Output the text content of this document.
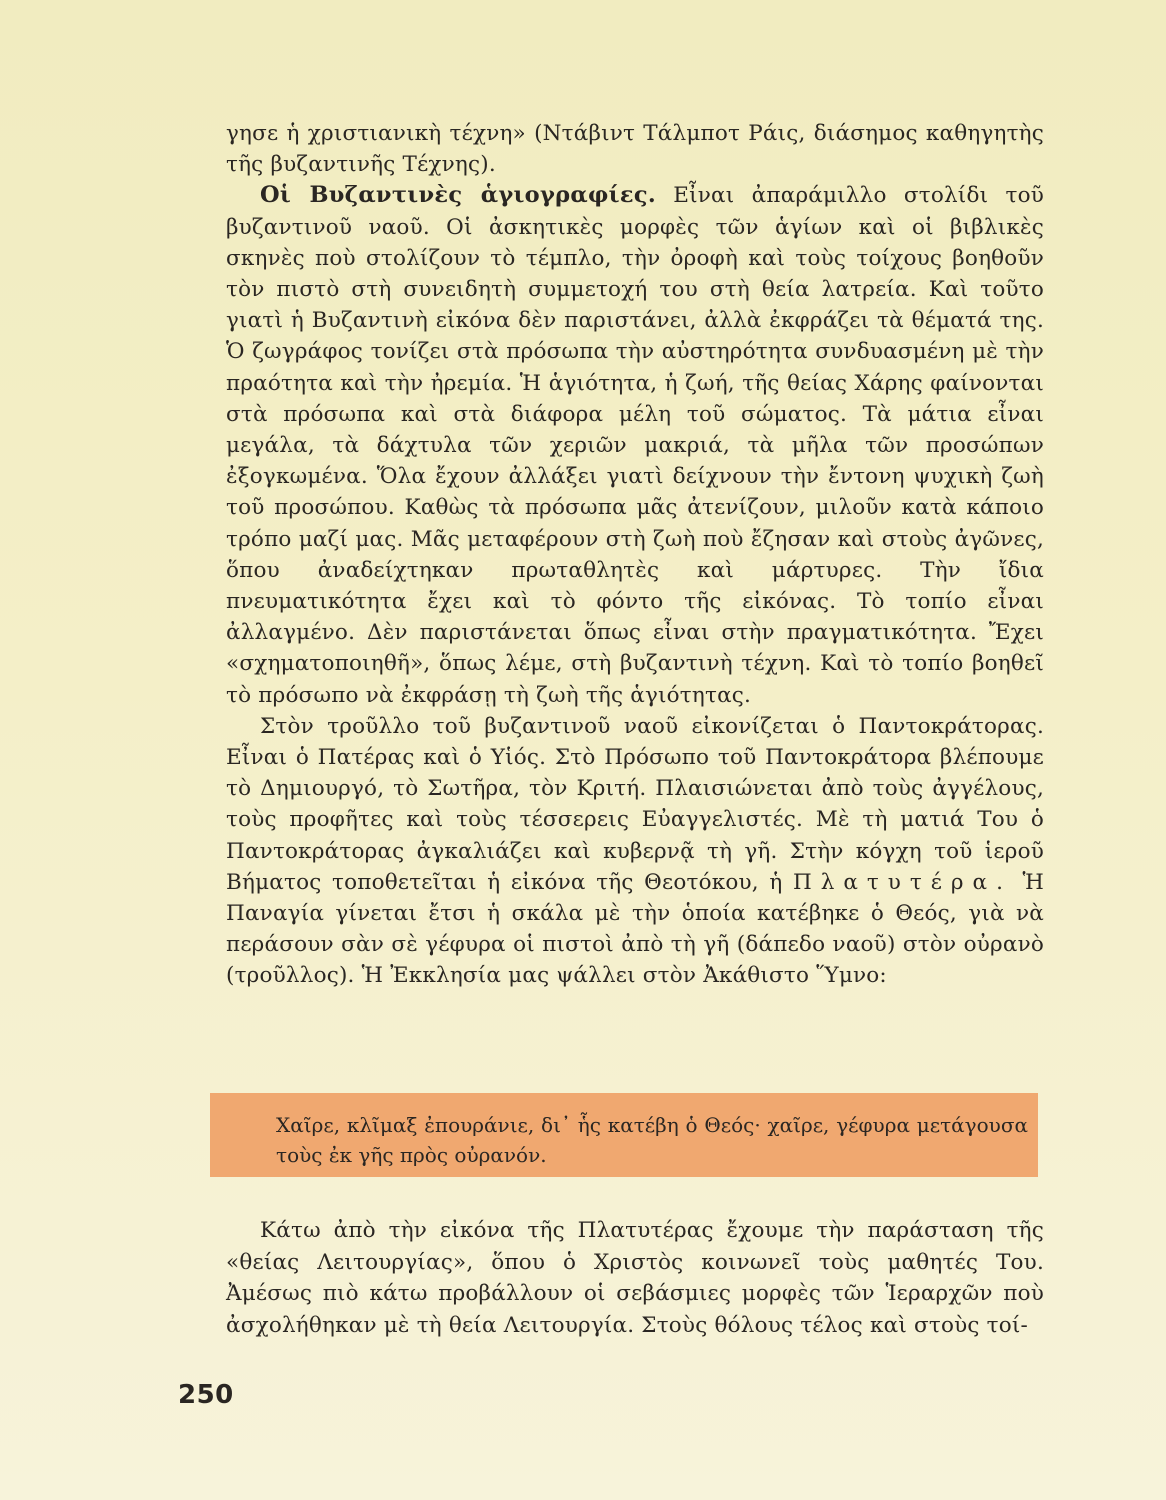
γησε ἡ χριστιανικὴ τέχνη» (Ντάβιντ Τάλμποτ Ράις, διάσημος καθηγητὴς τῆς βυζαντινῆς Τέχνης).

Οἱ Βυζαντινὲς ἁγιογραφίες. Εἶναι ἀπαράμιλλο στολίδι τοῦ βυζαντινοῦ ναοῦ. Οἱ ἀσκητικὲς μορφὲς τῶν ἁγίων καὶ οἱ βιβλικὲς σκηνὲς ποὺ στολίζουν τὸ τέμπλο, τὴν ὀροφὴ καὶ τοὺς τοίχους βοηθοῦν τὸν πιστὸ στὴ συνειδητὴ συμμετοχή του στὴ θεία λατρεία. Καὶ τοῦτο γιατὶ ἡ Βυζαντινὴ εἰκόνα δὲν παριστάνει, ἀλλὰ ἐκφράζει τὰ θέματά της. Ὁ ζωγράφος τονίζει στὰ πρόσωπα τὴν αὐστηρότητα συνδυασμένη μὲ τὴν πραότητα καὶ τὴν ἠρεμία. Ἡ ἁγιότητα, ἡ ζωή, τῆς θείας Χάρης φαίνονται στὰ πρόσωπα καὶ στὰ διάφορα μέλη τοῦ σώματος. Τὰ μάτια εἶναι μεγάλα, τὰ δάχτυλα τῶν χεριῶν μακριά, τὰ μῆλα τῶν προσώπων ἐξογκωμένα. Ὅλα ἔχουν ἀλλάξει γιατὶ δείχνουν τὴν ἔντονη ψυχικὴ ζωὴ τοῦ προσώπου. Καθὼς τὰ πρόσωπα μᾶς ἀτενίζουν, μιλοῦν κατὰ κάποιο τρόπο μαζί μας. Μᾶς μεταφέρουν στὴ ζωὴ ποὺ ἔζησαν καὶ στοὺς ἀγῶνες, ὅπου ἀναδείχτηκαν πρωταθλητὲς καὶ μάρτυρες. Τὴν ἴδια πνευματικότητα ἔχει καὶ τὸ φόντο τῆς εἰκόνας. Τὸ τοπίο εἶναι ἀλλαγμένο. Δὲν παριστάνεται ὅπως εἶναι στὴν πραγματικότητα. Ἔχει «σχηματοποιηθῆ», ὅπως λέμε, στὴ βυζαντινὴ τέχνη. Καὶ τὸ τοπίο βοηθεῖ τὸ πρόσωπο νὰ ἐκφράσῃ τὴ ζωὴ τῆς ἁγιότητας.

Στὸν τροῦλλο τοῦ βυζαντινοῦ ναοῦ εἰκονίζεται ὁ Παντοκράτορας. Εἶναι ὁ Πατέρας καὶ ὁ Υἱός. Στὸ Πρόσωπο τοῦ Παντοκράτορα βλέπουμε τὸ Δημιουργό, τὸ Σωτῆρα, τὸν Κριτή. Πλαισιώνεται ἀπὸ τοὺς ἀγγέλους, τοὺς προφῆτες καὶ τοὺς τέσσερεις Εὐαγγελιστές. Μὲ τὴ ματιά Του ὁ Παντοκράτορας ἀγκαλιάζει καὶ κυβερνᾷ τὴ γῆ. Στὴν κόγχη τοῦ ἱεροῦ Βήματος τοποθετεῖται ἡ εἰκόνα τῆς Θεοτόκου, ἡ Πλατυτέρα. Ἡ Παναγία γίνεται ἔτσι ἡ σκάλα μὲ τὴν ὁποία κατέβηκε ὁ Θεός, γιὰ νὰ περάσουν σὰν σὲ γέφυρα οἱ πιστοὶ ἀπὸ τὴ γῆ (δάπεδο ναοῦ) στὸν οὐρανὸ (τροῦλλος). Ἡ Ἐκκλησία μας ψάλλει στὸν Ἀκάθιστο Ὕμνο:

Χαῖρε, κλῖμαξ ἐπουράνιε, δι᾽ ἧς κατέβη ὁ Θεός· χαῖρε, γέφυρα μετάγουσα τοὺς ἐκ γῆς πρὸς οὐρανόν.

Κάτω ἀπὸ τὴν εἰκόνα τῆς Πλατυτέρας ἔχουμε τὴν παράσταση τῆς «θείας Λειτουργίας», ὅπου ὁ Χριστὸς κοινωνεῖ τοὺς μαθητές Του. Ἀμέσως πιὸ κάτω προβάλλουν οἱ σεβάσμιες μορφὲς τῶν Ἱεραρχῶν ποὺ ἀσχολήθηκαν μὲ τὴ θεία Λειτουργία. Στοὺς θόλους τέλος καὶ στοὺς τοί-

250
